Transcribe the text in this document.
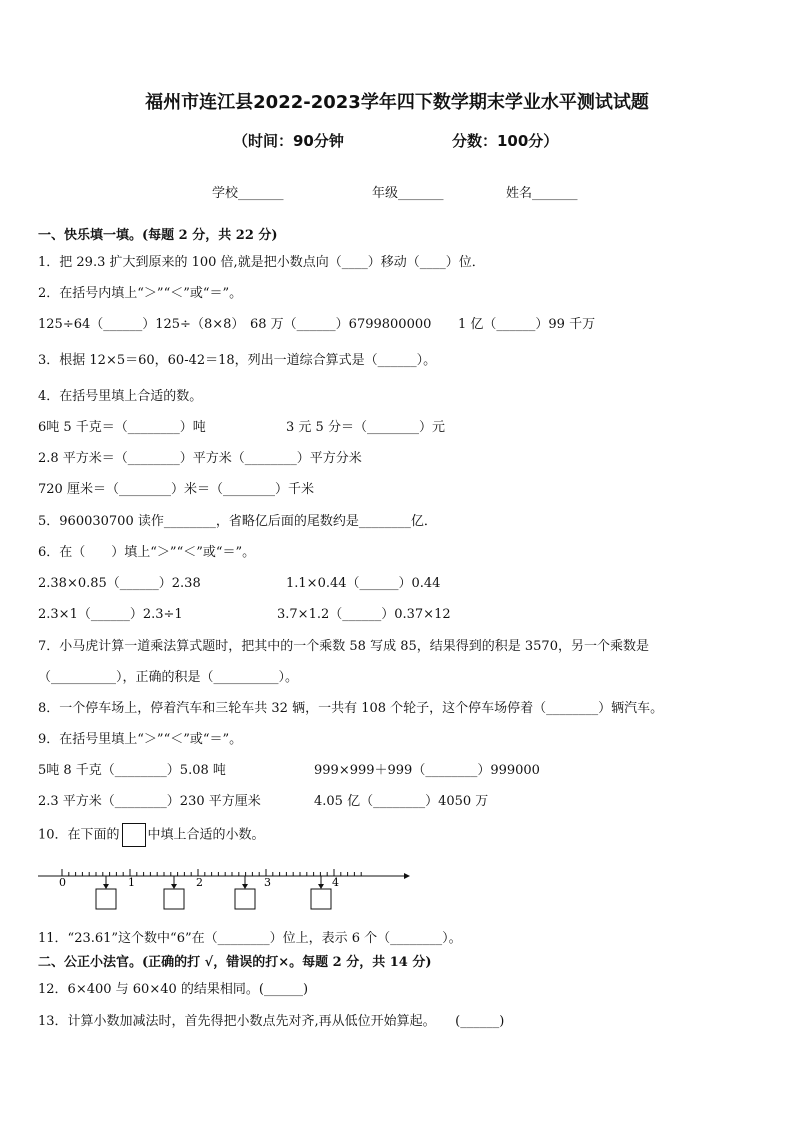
福州市连江县2022-2023学年四下数学期末学业水平测试试题
（时间：90分钟	分数：100分）
学校_______	年级_______	姓名_______
一、快乐填一填。(每题 2 分，共 22 分)
1．把 29.3 扩大到原来的 100 倍,就是把小数点向（____）移动（____）位．
2．在括号内填上“＞”“＜”或“＝”。
125÷64（______）125÷（8×8） 68 万（______）6799800000 1 亿（______）99 千万
3．根据 12×5＝60，60-42＝18，列出一道综合算式是（______）。
4．在括号里填上合适的数。
6吨 5 千克＝（________）吨	3 元 5 分＝（________）元
2.8 平方米＝（________）平方米（________）平方分米
720 厘米＝（________）米＝（________）千米
5．960030700 读作________，省略亿后面的尾数约是________亿．
6．在（　　）填上“＞”“＜”或“＝”。
2.38×0.85（______）2.38	1.1×0.44（______）0.44
2.3×1（______）2.3÷1	3.7×1.2（______）0.37×12
7．小马虎计算一道乘法算式题时，把其中的一个乘数 58 写成 85，结果得到的积是 3570，另一个乘数是
（__________），正确的积是（__________）。
8．一个停车场上，停着汽车和三轮车共 32 辆，一共有 108 个轮子，这个停车场停着（________）辆汽车。
9．在括号里填上“＞”“＜”或“＝”。
5吨 8 千克（________）5.08 吨	999×999＋999（________）999000
2.3 平方米（________）230 平方厘米	4.05 亿（________）4050 万
10．在下面的 中填上合适的小数。
0	1	2	3	4
11．“23.61”这个数中“6”在（________）位上，表示 6 个（________）。
二、公正小法官。(正确的打 √，错误的打×。每题 2 分，共 14 分)
12．6×400 与 60×40 的结果相同。(______)
13．计算小数加减法时，首先得把小数点先对齐,再从低位开始算起。　　(______)
